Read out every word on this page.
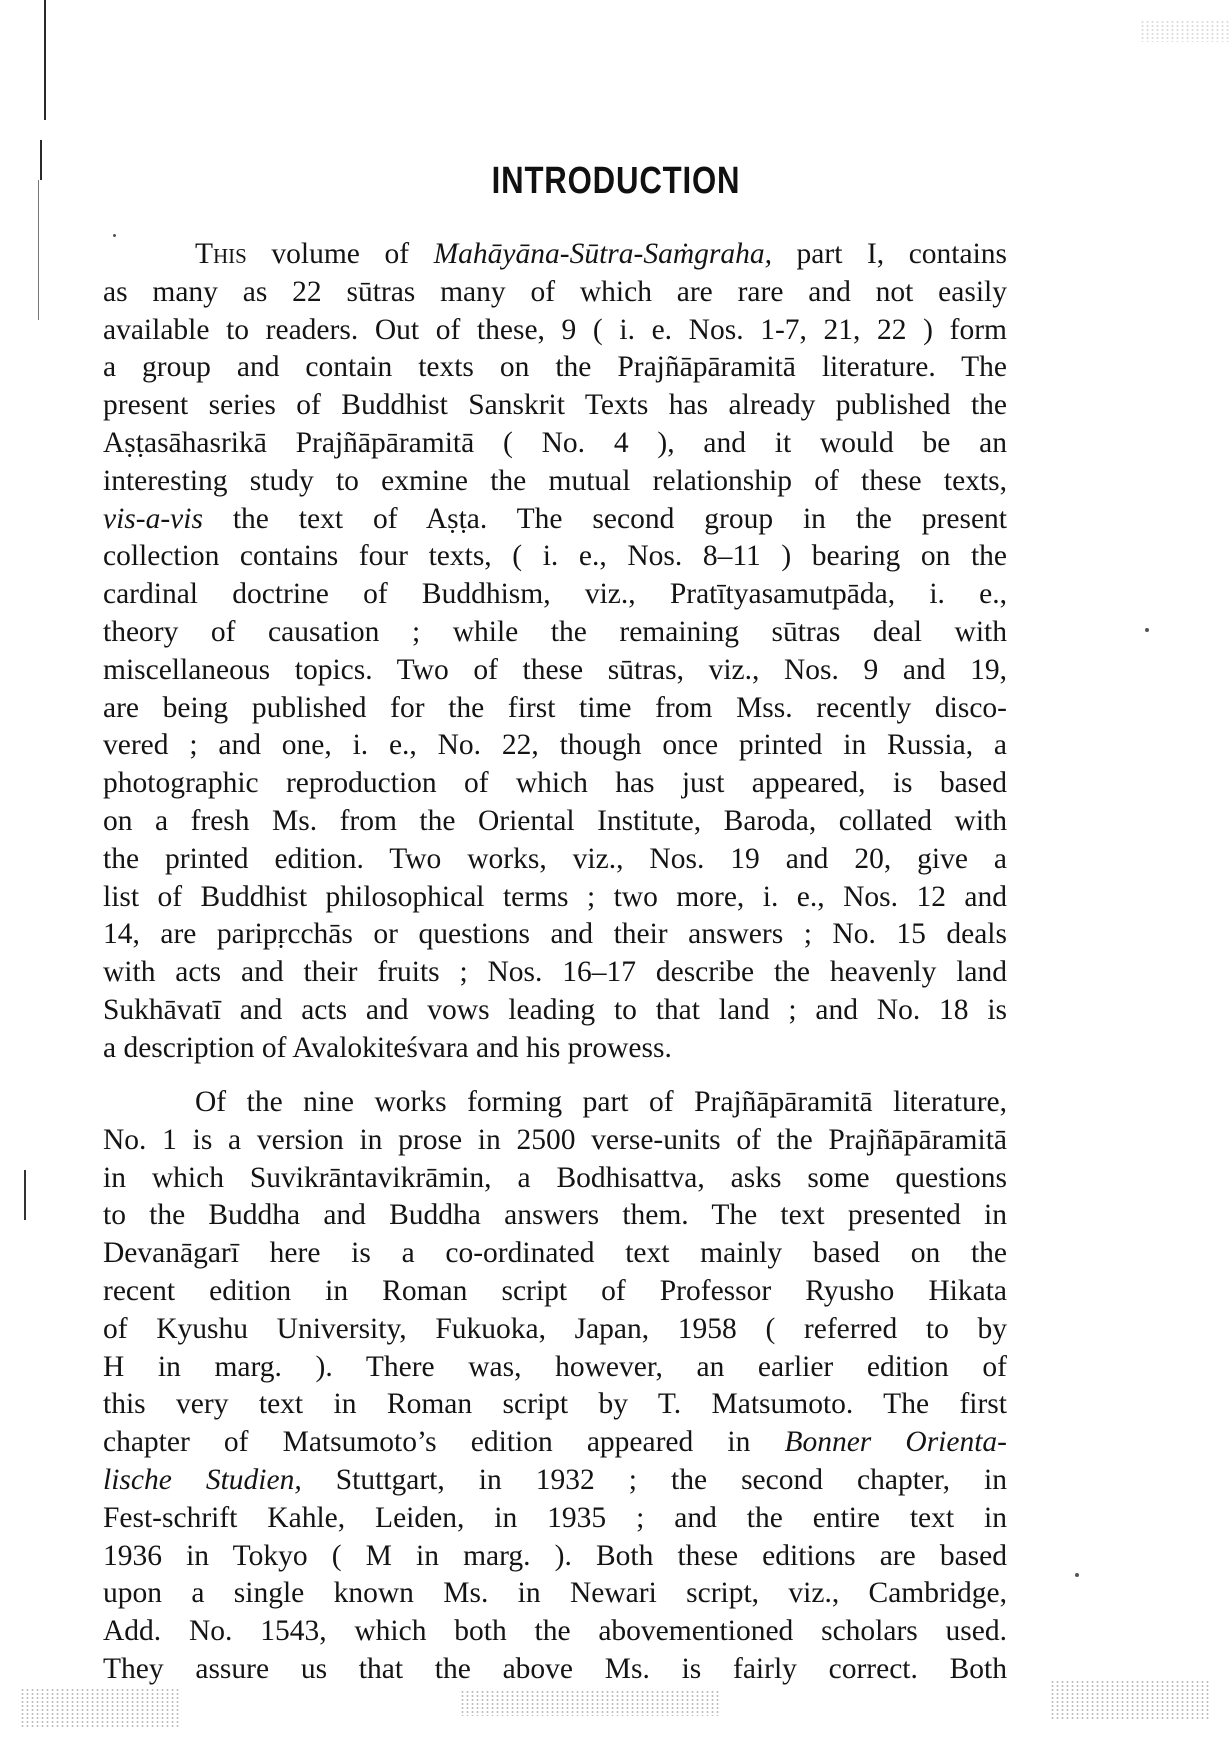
INTRODUCTION
This volume of Mahāyāna-Sūtra-Saṁgraha, part I, contains
as many as 22 sūtras many of which are rare and not easily
available to readers. Out of these, 9 ( i. e. Nos. 1-7, 21, 22 ) form
a group and contain texts on the Prajñāpāramitā literature. The
present series of Buddhist Sanskrit Texts has already published the
Aṣṭasāhasrikā Prajñāpāramitā ( No. 4 ), and it would be an
interesting study to exmine the mutual relationship of these texts,
vis-a-vis the text of Aṣṭa. The second group in the present
collection contains four texts, ( i. e., Nos. 8–11 ) bearing on the
cardinal doctrine of Buddhism, viz., Pratītyasamutpāda, i. e.,
theory of causation ; while the remaining sūtras deal with
miscellaneous topics. Two of these sūtras, viz., Nos. 9 and 19,
are being published for the first time from Mss. recently disco-
vered ; and one, i. e., No. 22, though once printed in Russia, a
photographic reproduction of which has just appeared, is based
on a fresh Ms. from the Oriental Institute, Baroda, collated with
the printed edition. Two works, viz., Nos. 19 and 20, give a
list of Buddhist philosophical terms ; two more, i. e., Nos. 12 and
14, are paripṛcchās or questions and their answers ; No. 15 deals
with acts and their fruits ; Nos. 16–17 describe the heavenly land
Sukhāvatī and acts and vows leading to that land ; and No. 18 is
a description of Avalokiteśvara and his prowess.
Of the nine works forming part of Prajñāpāramitā literature,
No. 1 is a version in prose in 2500 verse-units of the Prajñāpāramitā
in which Suvikrāntavikrāmin, a Bodhisattva, asks some questions
to the Buddha and Buddha answers them. The text presented in
Devanāgarī here is a co-ordinated text mainly based on the
recent edition in Roman script of Professor Ryusho Hikata
of Kyushu University, Fukuoka, Japan, 1958 ( referred to by
H in marg. ). There was, however, an earlier edition of
this very text in Roman script by T. Matsumoto. The first
chapter of Matsumoto’s edition appeared in Bonner Orienta-
lische Studien, Stuttgart, in 1932 ; the second chapter, in
Fest-schrift Kahle, Leiden, in 1935 ; and the entire text in
1936 in Tokyo ( M in marg. ). Both these editions are based
upon a single known Ms. in Newari script, viz., Cambridge,
Add. No. 1543, which both the abovementioned scholars used.
They assure us that the above Ms. is fairly correct. Both
